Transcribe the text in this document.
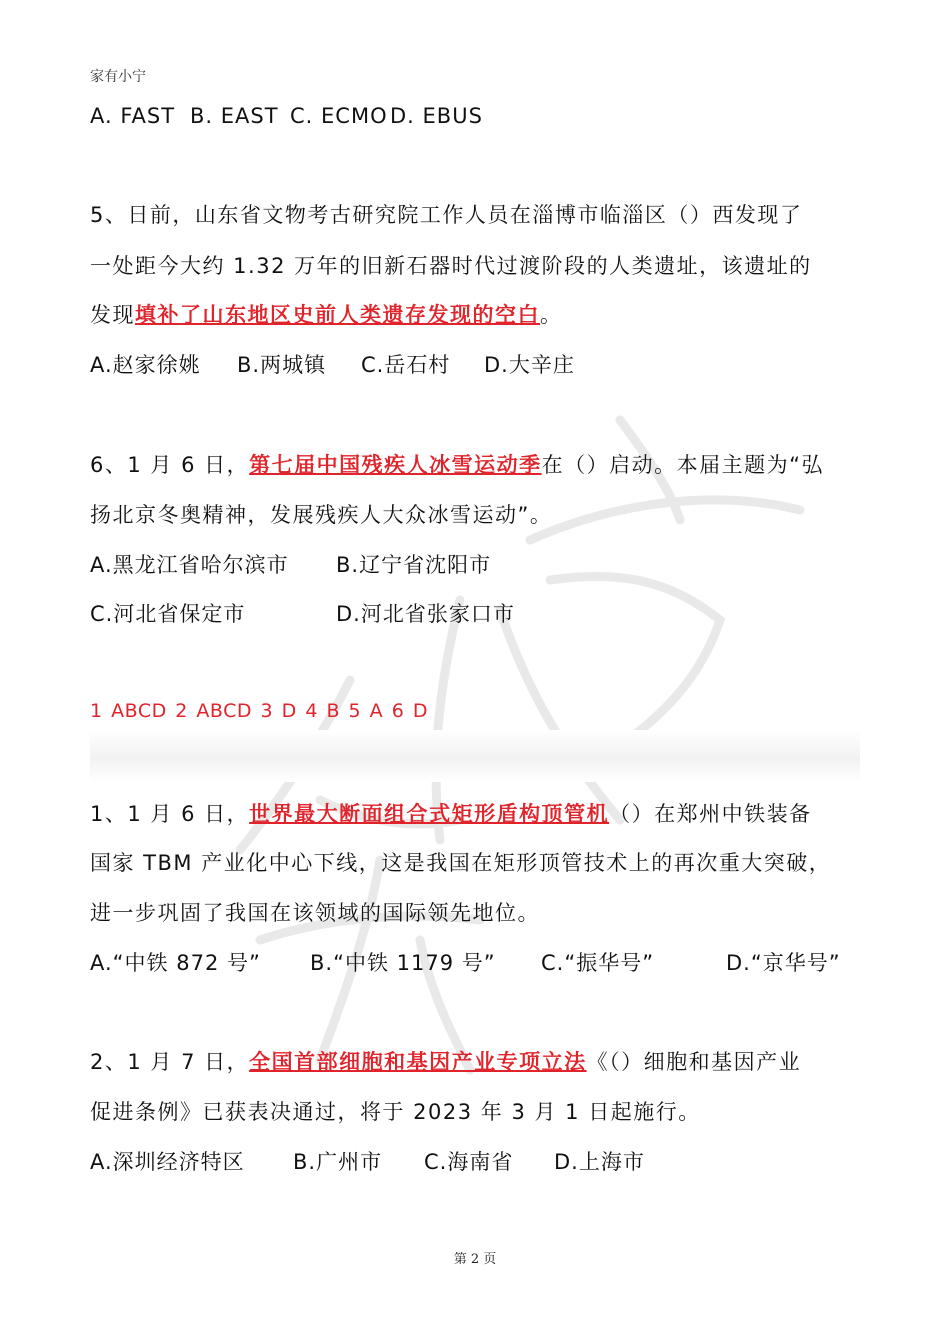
家有小宁
A. FAST B. EAST C. ECMO D. EBUS
5、日前，山东省文物考古研究院工作人员在淄博市临淄区（）西发现了
一处距今大约 1.32 万年的旧新石器时代过渡阶段的人类遗址，该遗址的
发现填补了山东地区史前人类遗存发现的空白。
A.赵家徐姚 B.两城镇 C.岳石村 D.大辛庄
6、1 月 6 日，第七届中国残疾人冰雪运动季在（）启动。本届主题为“弘
扬北京冬奥精神，发展残疾人大众冰雪运动”。
A.黑龙江省哈尔滨市 B.辽宁省沈阳市
C.河北省保定市	D.河北省张家口市
1 ABCD 2 ABCD 3 D 4 B 5 A 6 D
1、1 月 6 日，世界最大断面组合式矩形盾构顶管机（）在郑州中铁装备
国家 TBM 产业化中心下线，这是我国在矩形顶管技术上的再次重大突破，
进一步巩固了我国在该领域的国际领先地位。
A.“中铁 872 号” B.“中铁 1179 号” C.“振华号”	D.“京华号”
2、1 月 7 日，全国首部细胞和基因产业专项立法《（）细胞和基因产业
促进条例》已获表决通过，将于 2023 年 3 月 1 日起施行。
A.深圳经济特区 B.广州市 C.海南省 D.上海市
第 2 页
